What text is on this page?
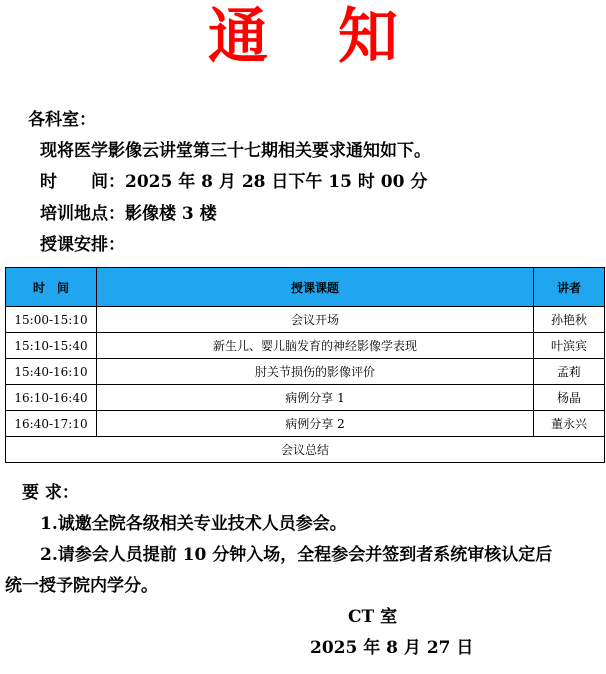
通 知
各科室：
现将医学影像云讲堂第三十七期相关要求通知如下。
时　　间：2025 年 8 月 28 日下午 15 时 00 分
培训地点：影像楼 3 楼
授课安排：
时　间	授课课题	讲者
15:00-15:10	会议开场	孙艳秋
15:10-15:40	新生儿、婴儿脑发育的神经影像学表现	叶滨宾
15:40-16:10	肘关节损伤的影像评价	孟莉
16:10-16:40	病例分享 1	杨晶
16:40-17:10	病例分享 2	董永兴
会议总结		
要 求：
1.诚邀全院各级相关专业技术人员参会。
2.请参会人员提前 10 分钟入场，全程参会并签到者系统审核认定后
统一授予院内学分。
CT 室
2025 年 8 月 27 日
